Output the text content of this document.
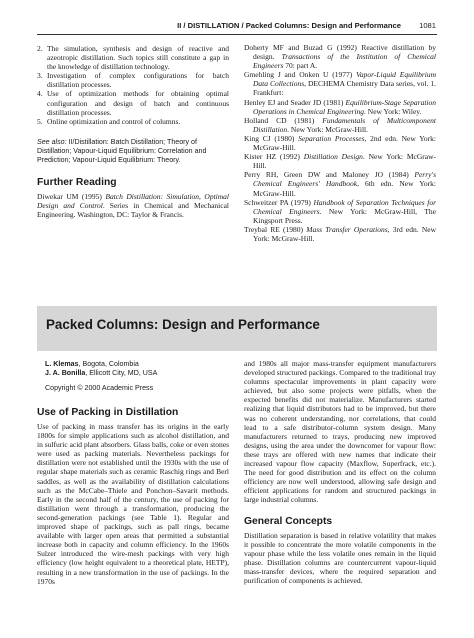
II / DISTILLATION / Packed Columns: Design and Performance 1081
2. The simulation, synthesis and design of reactive and azeotropic distillation. Such topics still constitute a gap in the knowledge of distillation technology.
3. Investigation of complex configurations for batch distillation processes.
4. Use of optimization methods for obtaining optimal configuration and design of batch and continuous distillation processes.
5. Online optimization and control of columns.
See also: II/Distillation: Batch Distillation; Theory of Distillation; Vapour-Liquid Equilibrium: Correlation and Prediction; Vapour-Liquid Equilibrium: Theory.
Further Reading

Diwekar UM (1995) Batch Distillation: Simulation, Optimal Design and Control. Series in Chemical and Mechanical Engineering. Washington, DC: Taylor & Francis.

Doherty MF and Buzad G (1992) Reactive distillation by design. Transactions of the Institution of Chemical Engineers 70: part A.

Gmehling J and Onken U (1977) Vapor-Liquid Equilibrium Data Collections, DECHEMA Chemistry Data series, vol. 1. Frankfurt:

Henley EJ and Seader JD (1981) Equilibrium-Stage Separation Operations in Chemical Engineering. New York: Wiley.

Holland CD (1981) Fundamentals of Multicomponent Distillation. New York: McGraw-Hill.

King CJ (1980) Separation Processes, 2nd edn. New York: McGraw-Hill.

Kister HZ (1992) Distillation Design. New York: McGraw-Hill.

Perry RH, Green DW and Maloney JO (1984) Perry's Chemical Engineers' Handbook, 6th edn. New York: McGraw-Hill.

Schweitzer PA (1979) Handbook of Separation Techniques for Chemical Engineers. New York: McGraw-Hill, The Kingsport Press.

Treybal RE (1980) Mass Transfer Operations, 3rd edn. New York: McGraw-Hill.

Packed Columns: Design and Performance
L. Klemas, Bogota, Colombia
J. A. Bonilla, Ellicott City, MD, USA
Copyright © 2000 Academic Press
Use of Packing in Distillation
Use of packing in mass transfer has its origins in the early 1800s for simple applications such as alcohol distillation, and in sulfuric acid plant absorbers. Glass balls, coke or even stones were used as packing materials. Nevertheless packings for distillation were not established until the 1930s with the use of regular shape materials such as ceramic Raschig rings and Berl saddles, as well as the availability of distillation calculations such as the McCabe–Thiele and Ponchon–Savarit methods. Early in the second half of the century, the use of packing for distillation went through a transformation, producing the second-generation packings (see Table 1). Regular and improved shape of packings, such as pall rings, became available with larger open areas that permitted a substantial increase both in capacity and column efficiency. In the 1960s Sulzer introduced the wire-mesh packings with very high efficiency (low height equivalent to a theoretical plate, HETP), resulting in a new transformation in the use of packings. In the 1970s
and 1980s all major mass-transfer equipment manufacturers developed structured packings. Compared to the traditional tray columns spectacular improvements in plant capacity were achieved, but also some projects were pitfalls, when the expected benefits did not materialize. Manufacturers started realizing that liquid distributors had to be improved, but there was no coherent understanding, nor correlations, that could lead to a safe distributor-column system design. Many manufacturers returned to trays, producing new improved designs, using the area under the downcomer for vapour flow: these trays are offered with new names that indicate their increased vapour flow capacity (Maxflow, Superfrack, etc.). The need for good distribution and its effect on the column efficiency are now well understood, allowing safe design and efficient applications for random and structured packings in large industrial columns.
General Concepts
Distillation separation is based in relative volatility that makes it possible to concentrate the more volatile components in the vapour phase while the less volatile ones remain in the liquid phase. Distillation columns are countercurrent vapour-liquid mass-transfer devices, where the required separation and purification of components is achieved.
